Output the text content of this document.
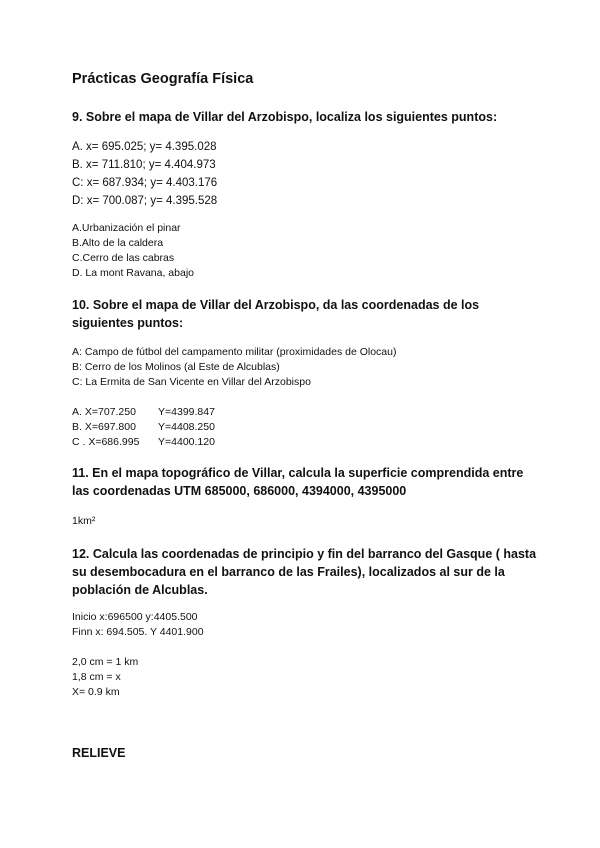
Prácticas Geografía Física
9. Sobre el mapa de Villar del Arzobispo, localiza los siguientes puntos:
A. x= 695.025; y= 4.395.028
B. x= 711.810; y= 4.404.973
C: x= 687.934; y= 4.403.176
D: x= 700.087; y= 4.395.528
A.Urbanización el pinar
B.Alto de la caldera
C.Cerro de las cabras
D. La mont Ravana, abajo
10. Sobre el mapa de Villar del Arzobispo, da las coordenadas de los
siguientes puntos:
A: Campo de fútbol del campamento militar (proximidades de Olocau)
B: Cerro de los Molinos (al Este de Alcublas)
C: La Ermita de San Vicente en Villar del Arzobispo
A. X=707.250 Y=4399.847
B. X=697.800 Y=4408.250
C . X=686.995 Y=4400.120
11. En el mapa topográfico de Villar, calcula la superficie comprendida entre
las coordenadas UTM 685000, 686000, 4394000, 4395000
1km²
12. Calcula las coordenadas de principio y fin del barranco del Gasque ( hasta
su desembocadura en el barranco de las Frailes), localizados al sur de la
población de Alcublas.
Inicio x:696500 y:4405.500
Finn x: 694.505. Y 4401.900
2,0 cm = 1 km
1,8 cm = x
X= 0.9 km
RELIEVE
